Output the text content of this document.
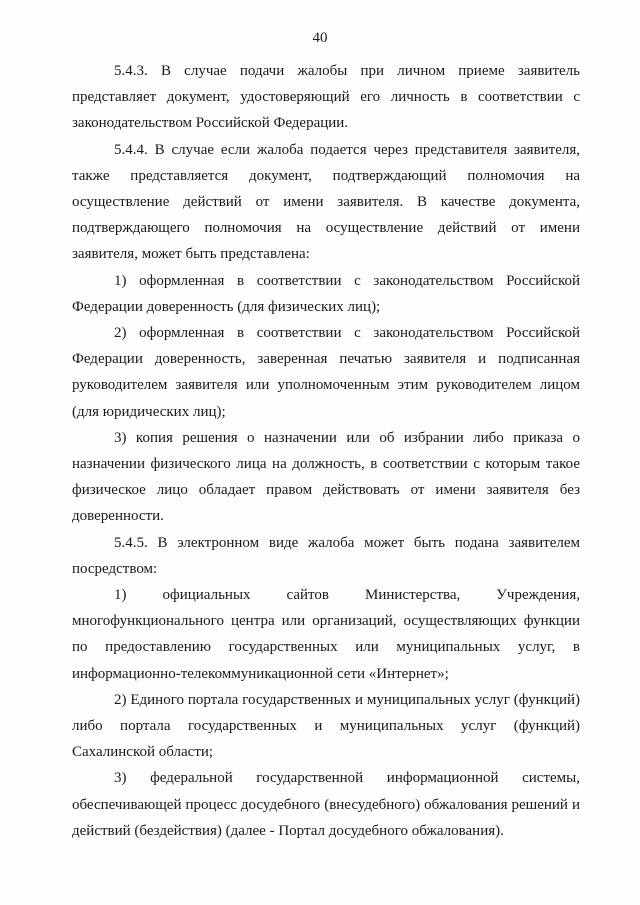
40

5.4.3. В случае подачи жалобы при личном приеме заявитель представляет документ, удостоверяющий его личность в соответствии с законодательством Российской Федерации.

5.4.4. В случае если жалоба подается через представителя заявителя, также представляется документ, подтверждающий полномочия на осуществление действий от имени заявителя. В качестве документа, подтверждающего полномочия на осуществление действий от имени заявителя, может быть представлена:

1) оформленная в соответствии с законодательством Российской Федерации доверенность (для физических лиц);

2) оформленная в соответствии с законодательством Российской Федерации доверенность, заверенная печатью заявителя и подписанная руководителем заявителя или уполномоченным этим руководителем лицом (для юридических лиц);

3) копия решения о назначении или об избрании либо приказа о назначении физического лица на должность, в соответствии с которым такое физическое лицо обладает правом действовать от имени заявителя без доверенности.

5.4.5. В электронном виде жалоба может быть подана заявителем посредством:

1) официальных сайтов Министерства, Учреждения, многофункционального центра или организаций, осуществляющих функции по предоставлению государственных или муниципальных услуг, в информационно-телекоммуникационной сети «Интернет»;

2) Единого портала государственных и муниципальных услуг (функций) либо портала государственных и муниципальных услуг (функций) Сахалинской области;

3) федеральной государственной информационной системы, обеспечивающей процесс досудебного (внесудебного) обжалования решений и действий (бездействия) (далее - Портал досудебного обжалования).
